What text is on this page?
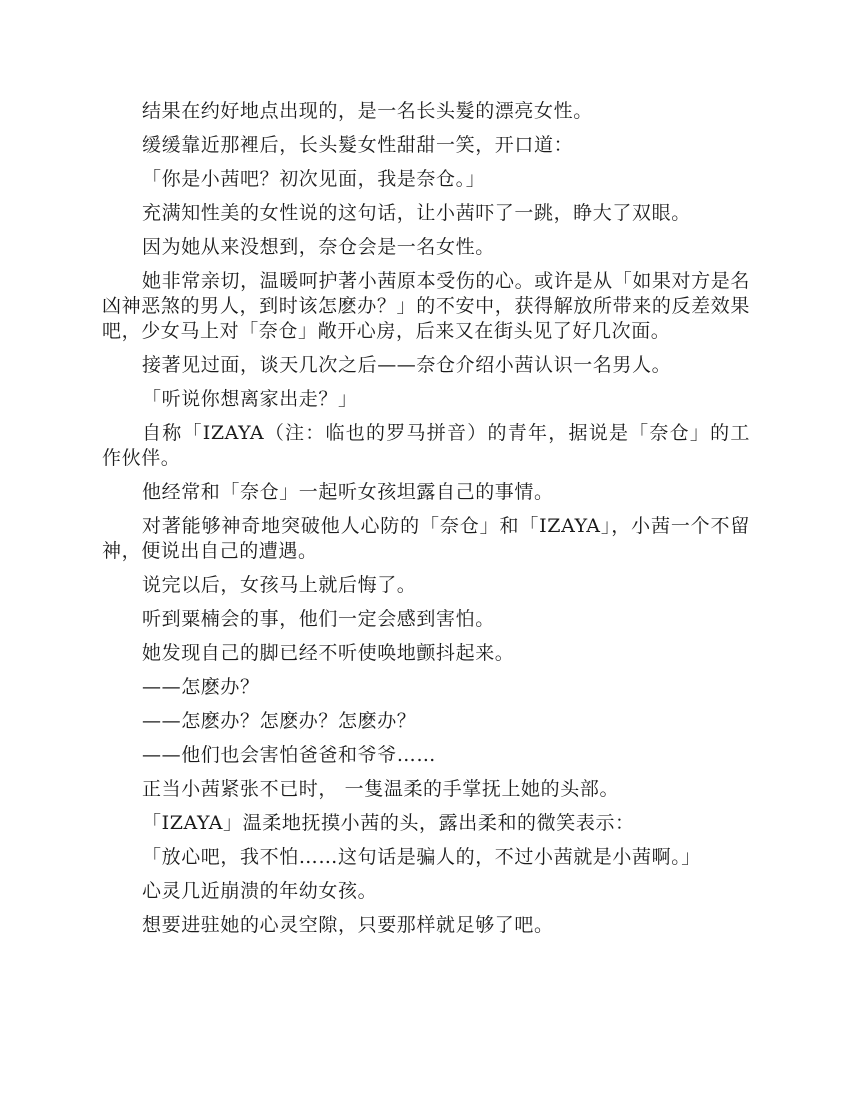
结果在约好地点出现的，是一名长头髮的漂亮女性。

缓缓靠近那裡后，长头髮女性甜甜一笑，开口道：

「你是小茜吧？初次见面，我是奈仓。」

充满知性美的女性说的这句话，让小茜吓了一跳，睁大了双眼。

因为她从来没想到，奈仓会是一名女性。

她非常亲切，温暖呵护著小茜原本受伤的心。或许是从「如果对方是名凶神恶煞的男人，到时该怎麽办？」的不安中，获得解放所带来的反差效果吧，少女马上对「奈仓」敞开心房，后来又在街头见了好几次面。

接著见过面，谈天几次之后——奈仓介绍小茜认识一名男人。

「听说你想离家出走？」

自称「IZAYA（注：临也的罗马拼音）的青年，据说是「奈仓」的工作伙伴。

他经常和「奈仓」一起听女孩坦露自己的事情。

对著能够神奇地突破他人心防的「奈仓」和「IZAYA」，小茜一个不留神，便说出自己的遭遇。

说完以后，女孩马上就后悔了。

听到粟楠会的事，他们一定会感到害怕。

她发现自己的脚已经不听使唤地颤抖起来。

——怎麽办？

——怎麽办？怎麽办？怎麽办？

——他们也会害怕爸爸和爷爷……

正当小茜紧张不已时， 一隻温柔的手掌抚上她的头部。

「IZAYA」温柔地抚摸小茜的头，露出柔和的微笑表示：

「放心吧，我不怕……这句话是骗人的，不过小茜就是小茜啊。」

心灵几近崩溃的年幼女孩。

想要进驻她的心灵空隙，只要那样就足够了吧。
